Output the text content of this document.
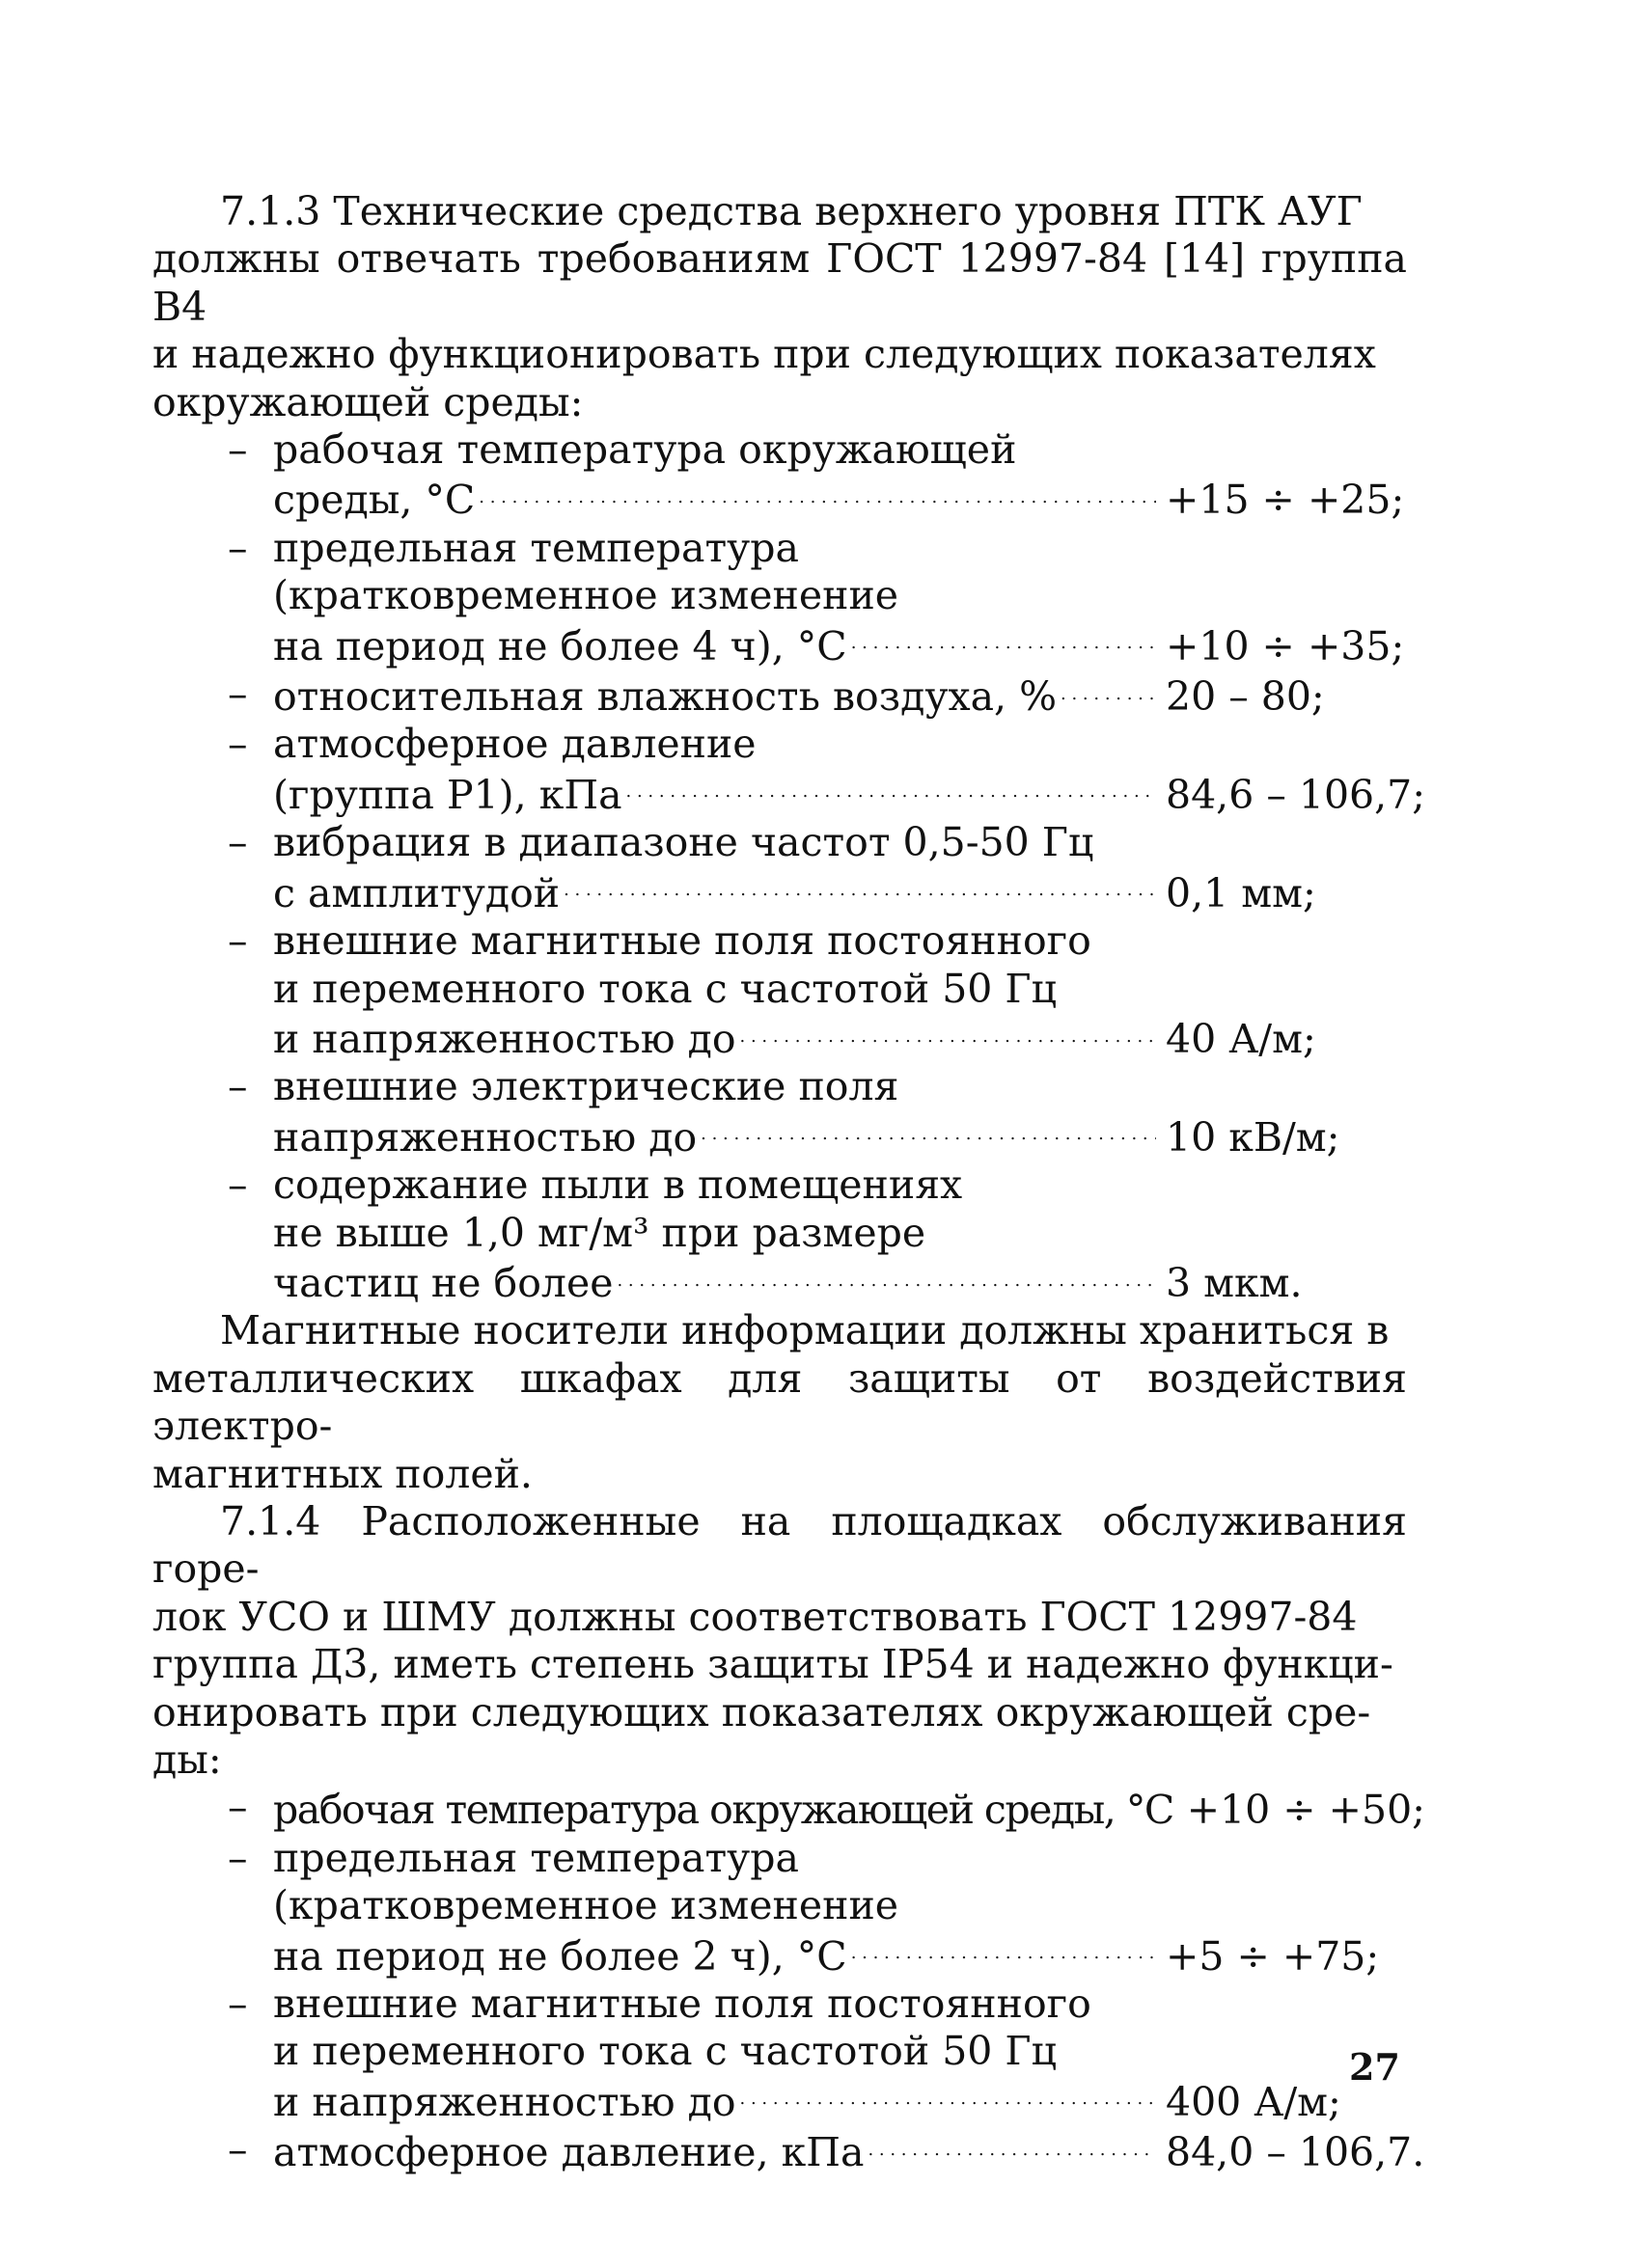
7.1.3 Технические средства верхнего уровня ПТК АУГ
должны отвечать требованиям ГОСТ 12997-84 [14] группа В4
и надежно функционировать при следующих показателях
окружающей среды:
– рабочая температура окружающей
среды, °С . . .	+15 ÷ +25;
– предельная температура
(кратковременное изменение
на период не более 4 ч), °С . . .	+10 ÷ +35;
– относительная влажность воздуха, % . . .	20 – 80;
– атмосферное давление
(группа Р1), кПа . . .	84,6 – 106,7;
– вибрация в диапазоне частот 0,5-50 Гц
с амплитудой . . .	0,1 мм;
– внешние магнитные поля постоянного
и переменного тока с частотой 50 Гц
и напряженностью до . . .	40 А/м;
– внешние электрические поля
напряженностью до . . .	10 кВ/м;
– содержание пыли в помещениях
не выше 1,0 мг/м³ при размере
частиц не более . . .	3 мкм.
Магнитные носители информации должны храниться в
металлических шкафах для защиты от воздействия электро-
магнитных полей.
7.1.4 Расположенные на площадках обслуживания горе-
лок УСО и ШМУ должны соответствовать ГОСТ 12997-84
группа Д3, иметь степень защиты IP54 и надежно функци-
онировать при следующих показателях окружающей сре-
ды:
– рабочая температура окружающей среды, °С +10 ÷ +50;
– предельная температура
(кратковременное изменение
на период не более 2 ч), °С . . .	+5 ÷ +75;
– внешние магнитные поля постоянного
и переменного тока с частотой 50 Гц
и напряженностью до . . .	400 А/м;
– атмосферное давление, кПа . . .	84,0 – 106,7.
27
